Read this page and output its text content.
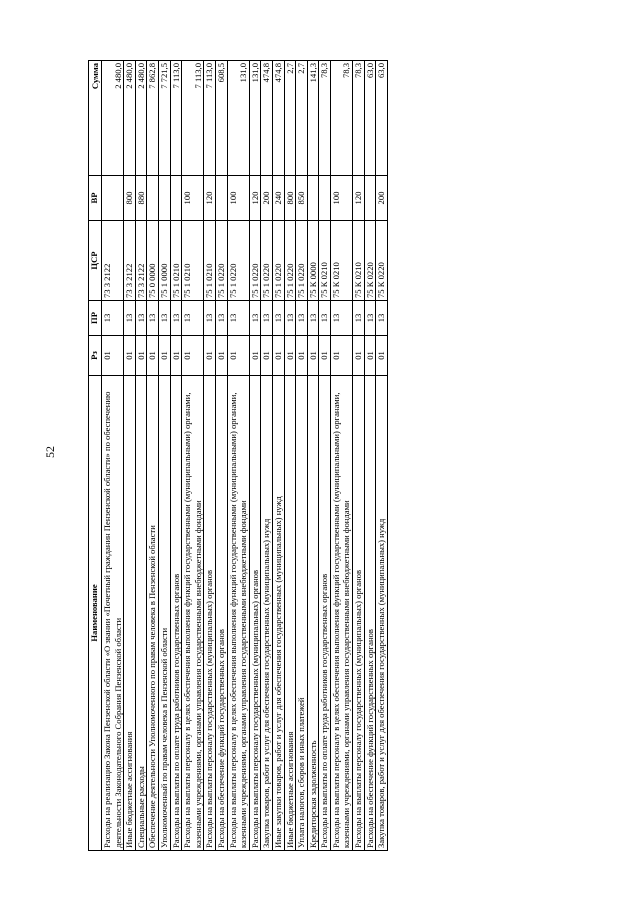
52
Наименование	Рз	ПР	ЦСР	ВР	Сумма
Расходы на реализацию Закона Пензенской области «О звании «Почетный гражданин Пензенской области» по обеспечению деятельности Законодательного Собрания Пензенской области	01	13	73 3 2122		2 480,0
Иные бюджетные ассигнования	01	13	73 3 2122	800	2 480,0
Специальные расходы	01	13	73 3 2122	880	2 480,0
Обеспечение деятельности Уполномоченного по правам человека в Пензенской области	01	13	75 0 0000		7 862,8
Уполномоченный по правам человека в Пензенской области	01	13	75 1 0000		7 721,5
Расходы на выплаты по оплате труда работников государственных органов	01	13	75 1 0210		7 113,0
Расходы на выплаты персоналу в целях обеспечения выполнения функций государственными (муниципальными) органами, казенными учреждениями, органами управления государственными внебюджетными фондами	01	13	75 1 0210	100	7 113,0
Расходы на выплаты персоналу государственных (муниципальных) органов	01	13	75 1 0210	120	7 113,0
Расходы на обеспечение функций государственных органов	01	13	75 1 0220		608,5
Расходы на выплаты персоналу в целях обеспечения выполнения функций государственными (муниципальными) органами, казенными учреждениями, органами управления государственными внебюджетными фондами	01	13	75 1 0220	100	131,0
Расходы на выплаты персоналу государственных (муниципальных) органов	01	13	75 1 0220	120	131,0
Закупка товаров, работ и услуг для обеспечения государственных (муниципальных) нужд	01	13	75 1 0220	200	474,8
Иные закупки товаров, работ и услуг для обеспечения государственных (муниципальных) нужд	01	13	75 1 0220	240	474,8
Иные бюджетные ассигнования	01	13	75 1 0220	800	2,7
Уплата налогов, сборов и иных платежей	01	13	75 1 0220	850	2,7
Кредиторская задолженность	01	13	75 К 0000		141,3
Расходы на выплаты по оплате труда работников государственных органов	01	13	75 К 0210		78,3
Расходы на выплаты персоналу в целях обеспечения выполнения функций государственными (муниципальными) органами, казенными учреждениями, органами управления государственными внебюджетными фондами	01	13	75 К 0210	100	78,3
Расходы на выплаты персоналу государственных (муниципальных) органов	01	13	75 К 0210	120	78,3
Расходы на обеспечение функций государственных органов	01	13	75 К 0220		63,0
Закупка товаров, работ и услуг для обеспечения государственных (муниципальных) нужд	01	13	75 К 0220	200	63,0
